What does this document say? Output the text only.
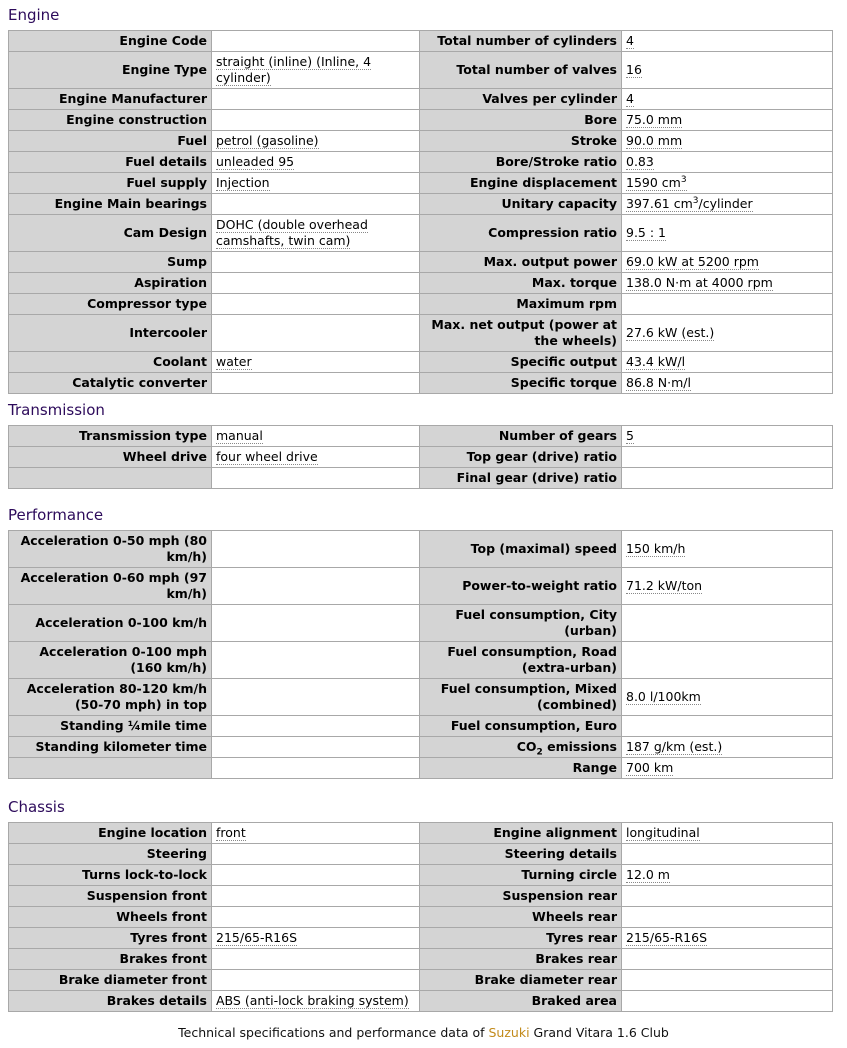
Engine
Engine Code		Total number of cylinders	4
Engine Type	straight (inline) (Inline, 4 cylinder)	Total number of valves	16
Engine Manufacturer		Valves per cylinder	4
Engine construction		Bore	75.0 mm
Fuel	petrol (gasoline)	Stroke	90.0 mm
Fuel details	unleaded 95	Bore/Stroke ratio	0.83
Fuel supply	Injection	Engine displacement	1590 $cm^3$
Engine Main bearings		Unitary capacity	397.61 $cm^3$/cylinder
Cam Design	DOHC (double overhead camshafts, twin cam)	Compression ratio	9.5 : 1
Sump		Max. output power	69.0 kW at 5200 rpm
Aspiration		Max. torque	138.0 N·m at 4000 rpm
Compressor type		Maximum rpm	
Intercooler		Max. net output (power at the wheels)	27.6 kW (est.)
Coolant	water	Specific output	43.4 kW/l
Catalytic converter		Specific torque	86.8 N·m/l
Transmission
Transmission type	manual	Number of gears	5
Wheel drive	four wheel drive	Top gear (drive) ratio	
		Final gear (drive) ratio	
Performance
Acceleration 0-50 mph (80 km/h)		Top (maximal) speed	150 km/h
Acceleration 0-60 mph (97 km/h)		Power-to-weight ratio	71.2 kW/ton
Acceleration 0-100 km/h		Fuel consumption, City (urban)	
Acceleration 0-100 mph (160 km/h)		Fuel consumption, Road (extra-urban)	
Acceleration 80-120 km/h (50-70 mph) in top		Fuel consumption, Mixed (combined)	8.0 l/100km
Standing ¼mile time		Fuel consumption, Euro	
Standing kilometer time		$CO_2$ emissions	187 g/km (est.)
		Range	700 km
Chassis
Engine location	front	Engine alignment	longitudinal
Steering		Steering details	
Turns lock-to-lock		Turning circle	12.0 m
Suspension front		Suspension rear	
Wheels front		Wheels rear	
Tyres front	215/65-R16S	Tyres rear	215/65-R16S
Brakes front		Brakes rear	
Brake diameter front		Brake diameter rear	
Brakes details	ABS (anti-lock braking system)	Braked area	
Technical specifications and performance data of Suzuki Grand Vitara 1.6 Club
